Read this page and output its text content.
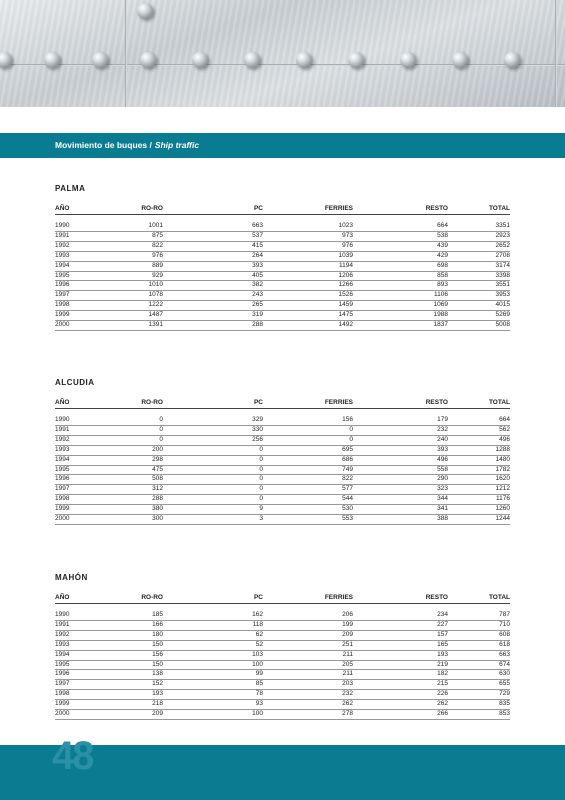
Movimiento de buques / Ship traffic
PALMA
AÑO	RO-RO	PC	FERRIES	RESTO	TOTAL

1990	1001	663	1023	664	3351
1991	875	537	973	538	2923
1992	822	415	976	439	2652
1993	976	264	1039	429	2708
1994	889	393	1194	698	3174
1995	929	405	1206	858	3398
1996	1010	382	1266	893	3551
1997	1078	243	1526	1106	3953
1998	1222	265	1459	1069	4015
1999	1487	319	1475	1988	5269
2000	1391	288	1492	1837	5008
ALCUDIA
AÑO	RO-RO	PC	FERRIES	RESTO	TOTAL

1990	0	329	156	179	664
1991	0	330	0	232	562
1992	0	256	0	240	496
1993	200	0	695	393	1288
1994	298	0	686	496	1480
1995	475	0	749	558	1782
1996	508	0	822	290	1620
1997	312	0	577	323	1212
1998	288	0	544	344	1176
1999	380	9	530	341	1260
2000	300	3	553	388	1244
MAHÓN
AÑO	RO-RO	PC	FERRIES	RESTO	TOTAL

1990	185	162	206	234	787
1991	166	118	199	227	710
1992	180	62	209	157	608
1993	150	52	251	165	618
1994	156	103	211	193	663
1995	150	100	205	219	674
1996	138	99	211	182	630
1997	152	85	203	215	655
1998	193	78	232	226	729
1999	218	93	262	262	835
2000	209	100	278	266	853
48
